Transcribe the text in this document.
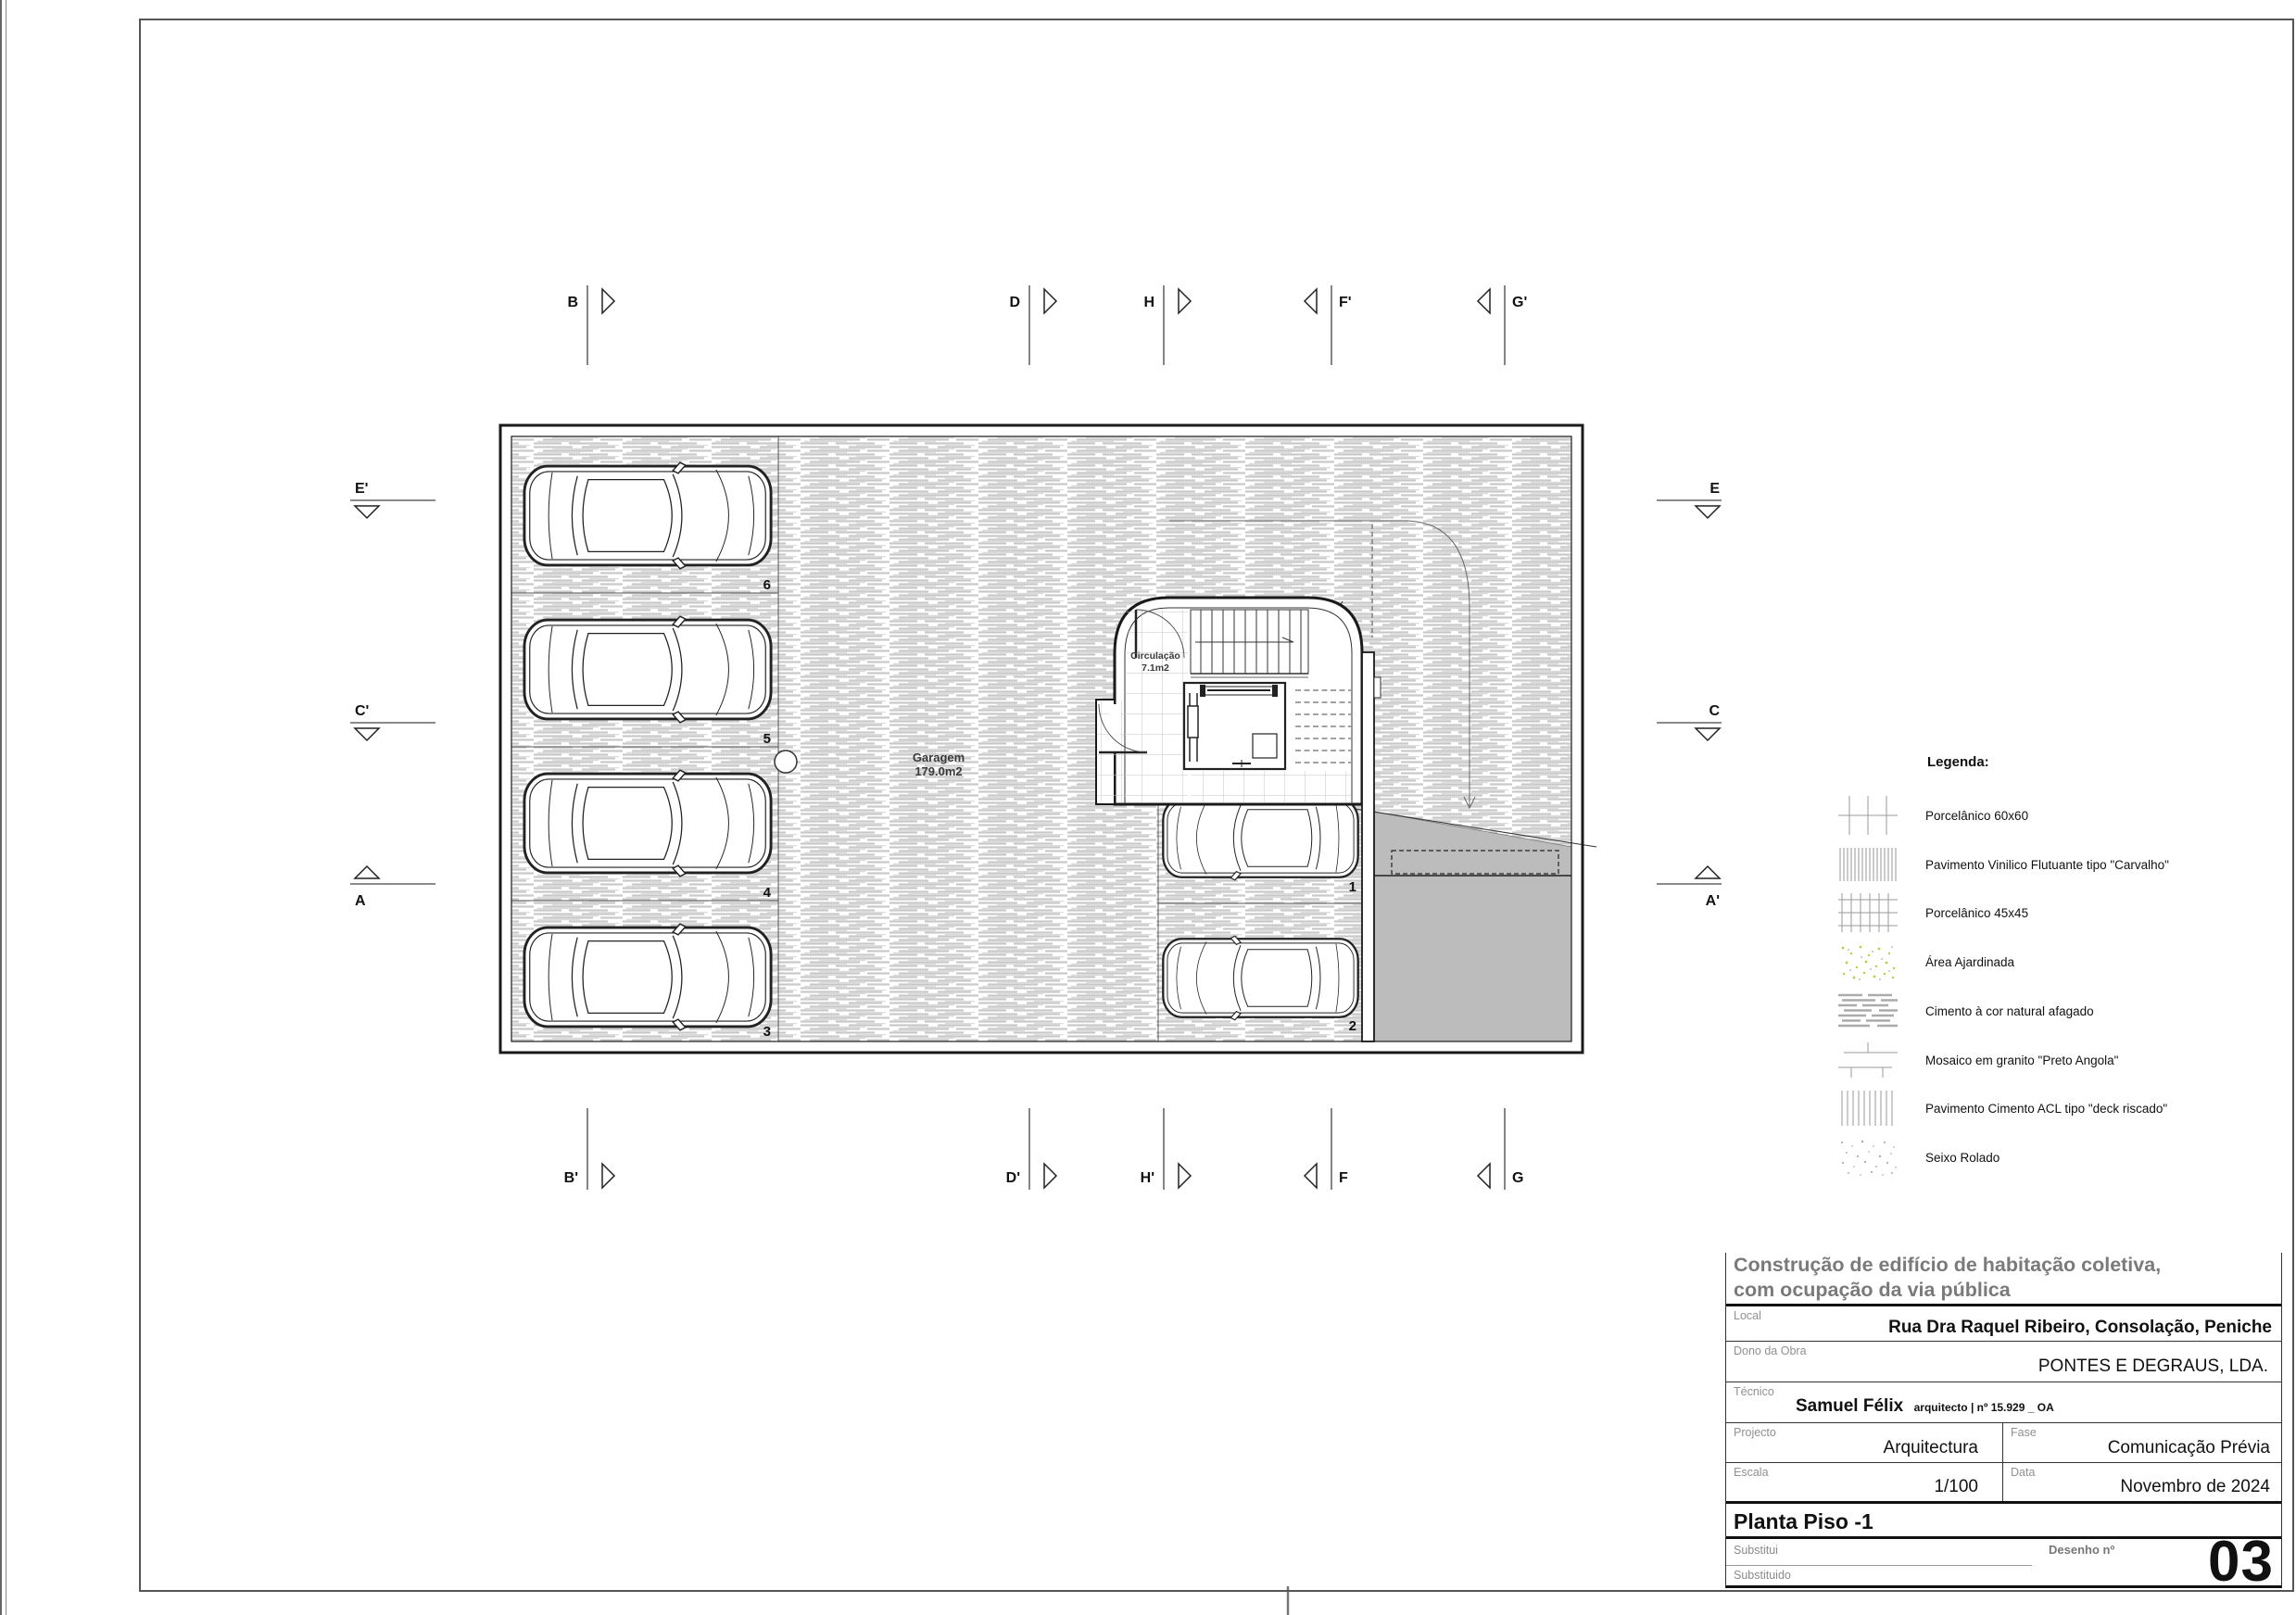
Garagem
179.0m2
Circulação
7.1m2
6
5
4
3
1
2
B	D	H	F'	G'
B'	D'	H'	F	G
E'
C'
A
E
C
A'
Legenda:
Porcelânico 60x60
Pavimento Vinilico Flutuante tipo "Carvalho"
Porcelânico 45x45
Área Ajardinada
Cimento à cor natural afagado
Mosaico em granito "Preto Angola"
Pavimento Cimento ACL tipo "deck riscado"
Seixo Rolado
Construção de edifício de habitação coletiva,
com ocupação da via pública
Local
Rua Dra Raquel Ribeiro, Consolação, Peniche
Dono da Obra
PONTES E DEGRAUS, LDA.
Técnico
Samuel Félix arquitecto | nº 15.929 _ OA
Projecto
Arquitectura
Fase
Comunicação Prévia
Escala
1/100
Data
Novembro de 2024
Planta Piso -1
Substitui
Substituido
Desenho nº 03
